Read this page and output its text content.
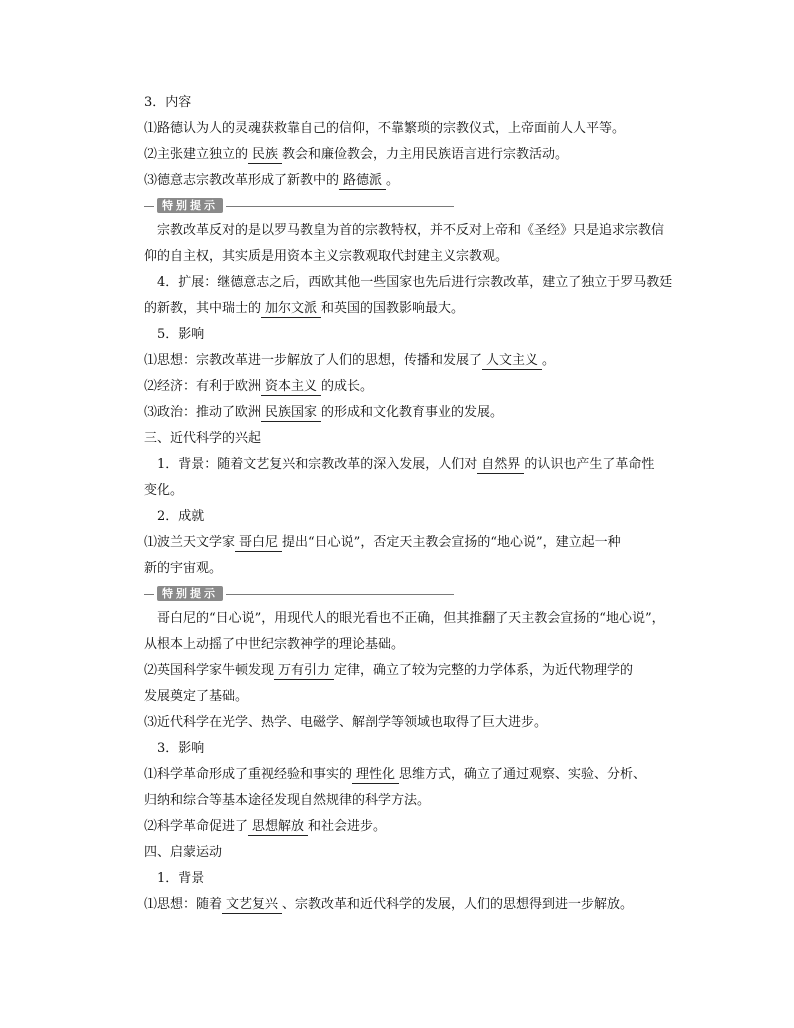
3．内容
⑴路德认为人的灵魂获救靠自己的信仰，不靠繁琐的宗教仪式，上帝面前人人平等。
⑵主张建立独立的 民族 教会和廉俭教会，力主用民族语言进行宗教活动。
⑶德意志宗教改革形成了新教中的 路德派 。
特别提示
　宗教改革反对的是以罗马教皇为首的宗教特权，并不反对上帝和《圣经》只是追求宗教信
仰的自主权，其实质是用资本主义宗教观取代封建主义宗教观。
　4．扩展：继德意志之后，西欧其他一些国家也先后进行宗教改革，建立了独立于罗马教廷
的新教，其中瑞士的 加尔文派 和英国的国教影响最大。
　5．影响
⑴思想：宗教改革进一步解放了人们的思想，传播和发展了 人文主义 。
⑵经济：有利于欧洲 资本主义 的成长。
⑶政治：推动了欧洲 民族国家 的形成和文化教育事业的发展。
三、近代科学的兴起
　1．背景：随着文艺复兴和宗教改革的深入发展，人们对 自然界 的认识也产生了革命性
变化。
　2．成就
⑴波兰天文学家 哥白尼 提出“日心说”，否定天主教会宣扬的“地心说”，建立起一种
新的宇宙观。
特别提示
　哥白尼的“日心说”，用现代人的眼光看也不正确，但其推翻了天主教会宣扬的“地心说”，
从根本上动摇了中世纪宗教神学的理论基础。
⑵英国科学家牛顿发现 万有引力 定律，确立了较为完整的力学体系，为近代物理学的
发展奠定了基础。
⑶近代科学在光学、热学、电磁学、解剖学等领域也取得了巨大进步。
　3．影响
⑴科学革命形成了重视经验和事实的 理性化 思维方式，确立了通过观察、实验、分析、
归纳和综合等基本途径发现自然规律的科学方法。
⑵科学革命促进了 思想解放 和社会进步。
四、启蒙运动
　1．背景
⑴思想：随着 文艺复兴 、宗教改革和近代科学的发展，人们的思想得到进一步解放。
